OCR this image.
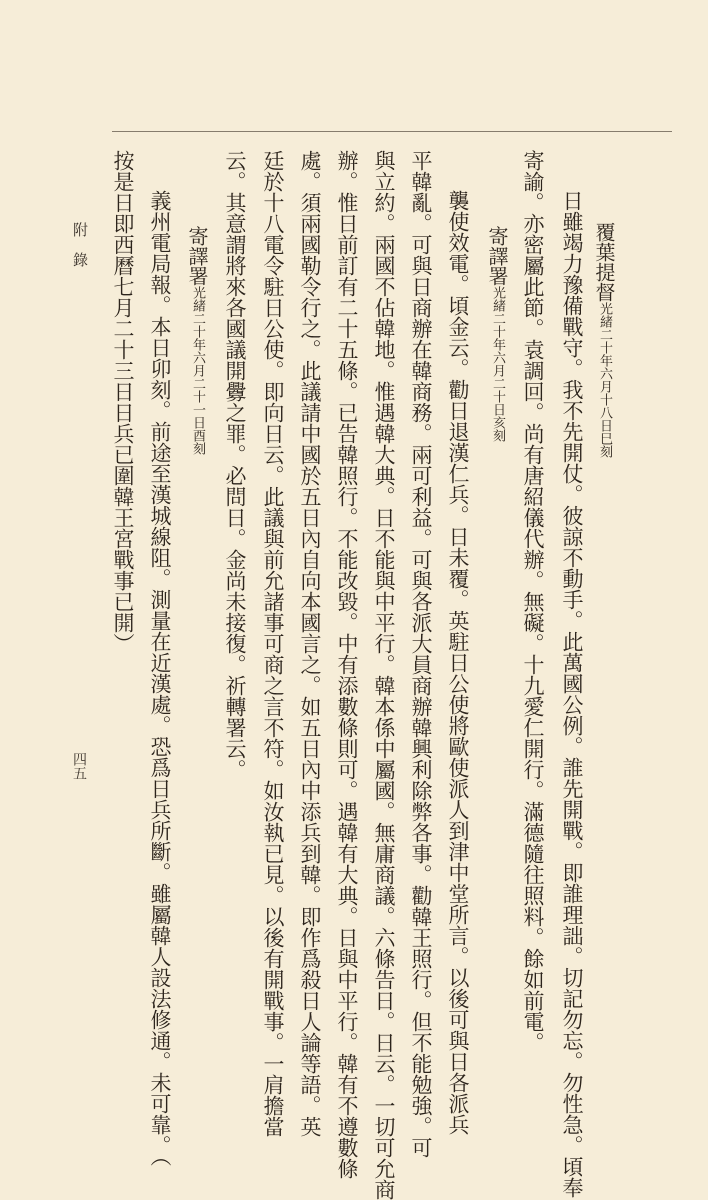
覆葉提督光緒二十年六月十八日巳刻
日雖竭力豫備戰守。我不先開仗。彼諒不動手。此萬國公例。誰先開戰。即誰理詘。切記勿忘。勿性急。頃奉
寄諭。亦密屬此節。袁調回。尚有唐紹儀代辦。無礙。十九愛仁開行。滿德隨往照料。餘如前電。
寄譯署光緒二十年六月二十日亥刻
襲使效電。頃金云。勸日退漢仁兵。日未覆。英駐日公使將歐使派人到津中堂所言。以後可與日各派兵
平韓亂。可與日商辦在韓商務。兩可利益。可與各派大員商辦韓興利除弊各事。勸韓王照行。但不能勉強。可
與立約。兩國不佔韓地。惟遇韓大典。日不能與中平行。韓本係中屬國。無庸商議。六條告日。日云。一切可允商
辦。惟日前訂有二十五條。已告韓照行。不能改毀。中有添數條則可。遇韓有大典。日與中平行。韓有不遵數條
處。須兩國勒令行之。此議請中國於五日內自向本國言之。如五日內中添兵到韓。即作爲殺日人論等語。英
廷於十八電令駐日公使。即向日云。此議與前允諸事可商之言不符。如汝執已見。以後有開戰事。一肩擔當
云。其意謂將來各國議開釁之罪。必問日。金尚未接復。祈轉署云。
寄譯署光緒二十年六月二十一日酉刻
義州電局報。本日卯刻。前途至漢城線阻。測量在近漢處。恐爲日兵所斷。雖屬韓人設法修通。未可靠。（
按是日即西曆七月二十三日日兵已圍韓王宮戰事已開）
附　錄
四五
